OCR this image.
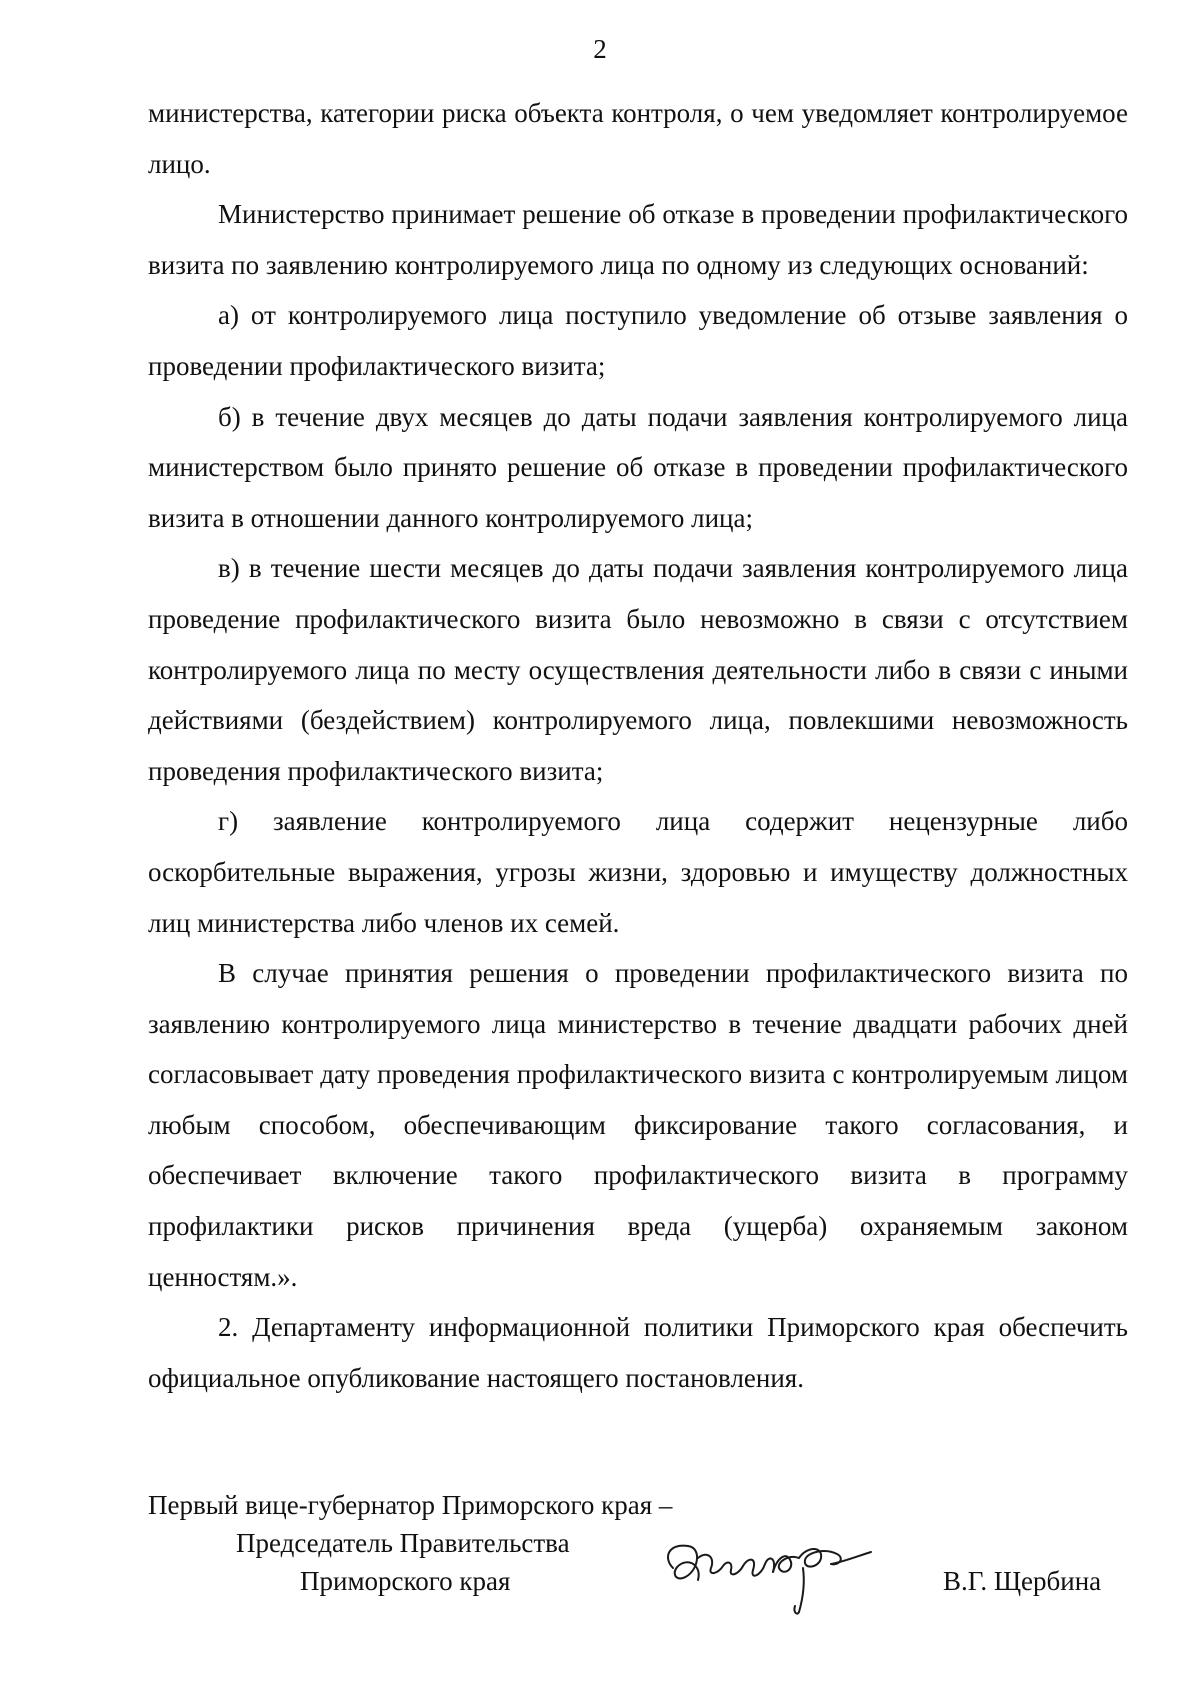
2

министерства, категории риска объекта контроля, о чем уведомляет контролируемое лицо.

Министерство принимает решение об отказе в проведении профилактического визита по заявлению контролируемого лица по одному из следующих оснований:

а) от контролируемого лица поступило уведомление об отзыве заявления о проведении профилактического визита;

б) в течение двух месяцев до даты подачи заявления контролируемого лица министерством было принято решение об отказе в проведении профилактического визита в отношении данного контролируемого лица;

в) в течение шести месяцев до даты подачи заявления контролируемого лица проведение профилактического визита было невозможно в связи с отсутствием контролируемого лица по месту осуществления деятельности либо в связи с иными действиями (бездействием) контролируемого лица, повлекшими невозможность проведения профилактического визита;

г) заявление контролируемого лица содержит нецензурные либо оскорбительные выражения, угрозы жизни, здоровью и имуществу должностных лиц министерства либо членов их семей.

В случае принятия решения о проведении профилактического визита по заявлению контролируемого лица министерство в течение двадцати рабочих дней согласовывает дату проведения профилактического визита с контролируемым лицом любым способом, обеспечивающим фиксирование такого согласования, и обеспечивает включение такого профилактического визита в программу профилактики рисков причинения вреда (ущерба) охраняемым законом ценностям.».

2. Департаменту информационной политики Приморского края обеспечить официальное опубликование настоящего постановления.

Первый вице-губернатор Приморского края –
Председатель Правительства
Приморского края	В.Г. Щербина
